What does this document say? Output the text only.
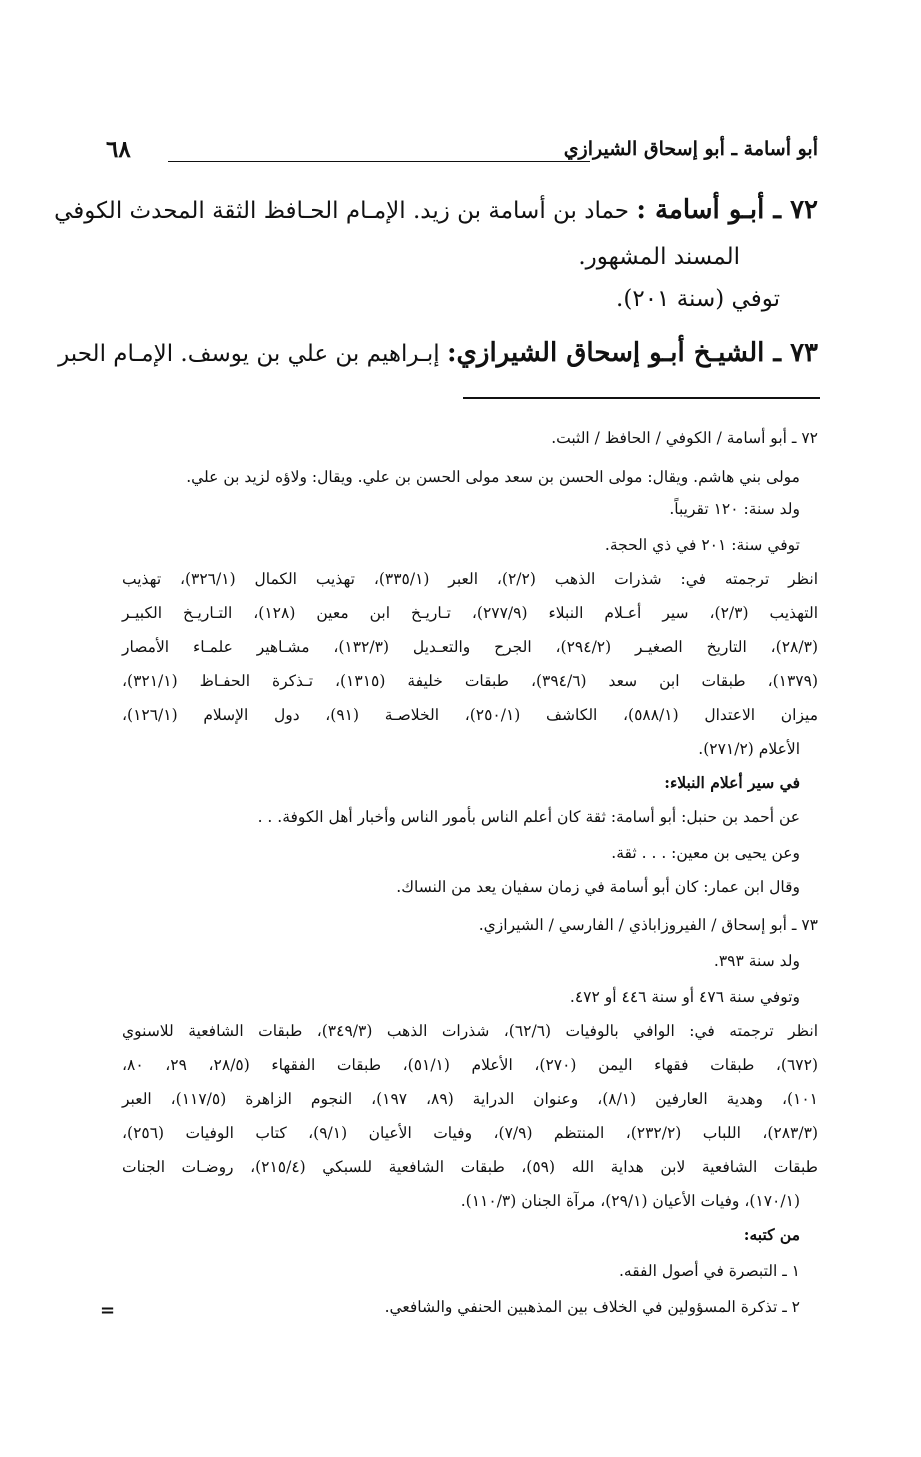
أبو أسامة ـ أبو إسحاق الشيرازي
٦٨
٧٢ ـ أبـو أسامة : حماد بن أسامة بن زيد. الإمـام الحـافظ الثقة المحدث الكوفي
المسند المشهور.
توفي (سنة ٢٠١).
٧٣ ـ الشيـخ أبـو إسحاق الشيرازي: إبـراهيم بن علي بن يوسف. الإمـام الحبر
٧٢ ـ أبو أسامة / الكوفي / الحافظ / الثبت.
مولى بني هاشم. ويقال: مولى الحسن بن سعد مولى الحسن بن علي. ويقال: ولاؤه لزيد بن علي.
ولد سنة: ١٢٠ تقريباً.
توفي سنة: ٢٠١ في ذي الحجة.
انظر ترجمته في: شذرات الذهب (٢/٢)، العبر (٣٣٥/١)، تهذيب الكمال (٣٢٦/١)، تهذيب
التهذيب (٢/٣)، سير أعـلام النبلاء (٢٧٧/٩)، تـاريـخ ابن معين (١٢٨)، التـاريـخ الكبيـر
(٢٨/٣)، التاريخ الصغيـر (٢٩٤/٢)، الجرح والتعـديل (١٣٢/٣)، مشـاهير علمـاء الأمصار
(١٣٧٩)، طبقات ابن سعد (٣٩٤/٦)، طبقات خليفة (١٣١٥)، تـذكرة الحفـاظ (٣٢١/١)،
ميزان الاعتدال (٥٨٨/١)، الكاشف (٢٥٠/١)، الخلاصـة (٩١)، دول الإسلام (١٢٦/١)،
الأعلام (٢٧١/٢).
في سير أعلام النبلاء:
عن أحمد بن حنبل: أبو أسامة: ثقة كان أعلم الناس بأمور الناس وأخبار أهل الكوفة. . .
وعن يحيى بن معين: . . . ثقة.
وقال ابن عمار: كان أبو أسامة في زمان سفيان يعد من النساك.
٧٣ ـ أبو إسحاق / الفيروزاباذي / الفارسي / الشيرازي.
ولد سنة ٣٩٣.
وتوفي سنة ٤٧٦ أو سنة ٤٤٦ أو ٤٧٢.
انظر ترجمته في: الوافي بالوفيات (٦٢/٦)، شذرات الذهب (٣٤٩/٣)، طبقات الشافعية للاسنوي
(٦٧٢)، طبقات فقهاء اليمن (٢٧٠)، الأعلام (٥١/١)، طبقات الفقهاء (٢٨/٥، ٢٩، ٨٠،
١٠١)، وهدية العارفين (٨/١)، وعنوان الدراية (٨٩، ١٩٧)، النجوم الزاهرة (١١٧/٥)، العبر
(٢٨٣/٣)، اللباب (٢٣٢/٢)، المنتظم (٧/٩)، وفيات الأعيان (٩/١)، كتاب الوفيات (٢٥٦)،
طبقات الشافعية لابن هداية الله (٥٩)، طبقات الشافعية للسبكي (٢١٥/٤)، روضـات الجنات
(١٧٠/١)، وفيات الأعيان (٢٩/١)، مرآة الجنان (١١٠/٣).
من كتبه:
١ ـ التبصرة في أصول الفقه.
٢ ـ تذكرة المسؤولين في الخلاف بين المذهبين الحنفي والشافعي.
=
